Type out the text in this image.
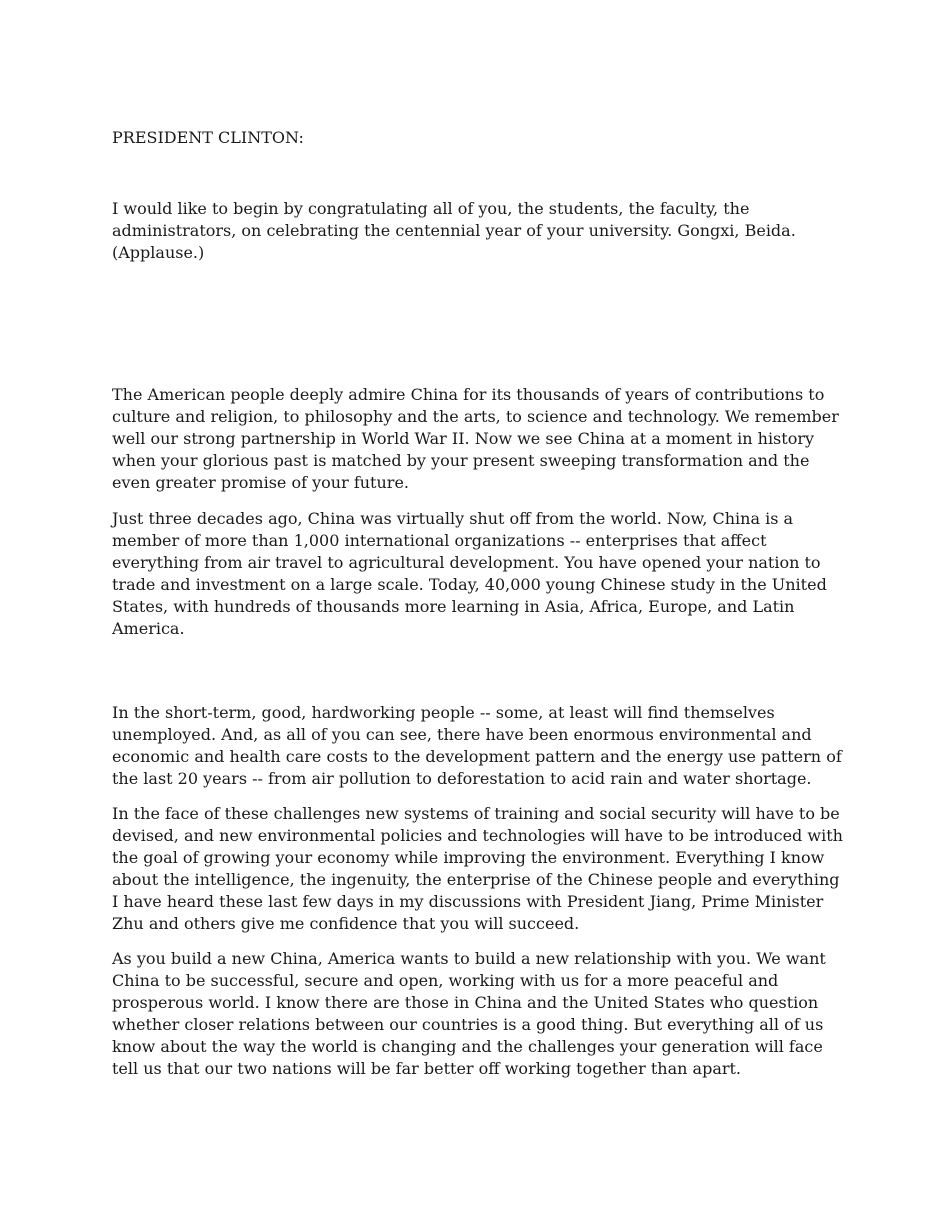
PRESIDENT CLINTON:

I would like to begin by congratulating all of you, the students, the faculty, the administrators, on celebrating the centennial year of your university. Gongxi, Beida. (Applause.)

The American people deeply admire China for its thousands of years of contributions to culture and religion, to philosophy and the arts, to science and technology. We remember well our strong partnership in World War II. Now we see China at a moment in history when your glorious past is matched by your present sweeping transformation and the even greater promise of your future.

Just three decades ago, China was virtually shut off from the world. Now, China is a member of more than 1,000 international organizations -- enterprises that affect everything from air travel to agricultural development. You have opened your nation to trade and investment on a large scale. Today, 40,000 young Chinese study in the United States, with hundreds of thousands more learning in Asia, Africa, Europe, and Latin America.

In the short-term, good, hardworking people -- some, at least will find themselves unemployed. And, as all of you can see, there have been enormous environmental and economic and health care costs to the development pattern and the energy use pattern of the last 20 years -- from air pollution to deforestation to acid rain and water shortage.

In the face of these challenges new systems of training and social security will have to be devised, and new environmental policies and technologies will have to be introduced with the goal of growing your economy while improving the environment. Everything I know about the intelligence, the ingenuity, the enterprise of the Chinese people and everything I have heard these last few days in my discussions with President Jiang, Prime Minister Zhu and others give me confidence that you will succeed.

As you build a new China, America wants to build a new relationship with you. We want China to be successful, secure and open, working with us for a more peaceful and prosperous world. I know there are those in China and the United States who question whether closer relations between our countries is a good thing. But everything all of us know about the way the world is changing and the challenges your generation will face tell us that our two nations will be far better off working together than apart.
